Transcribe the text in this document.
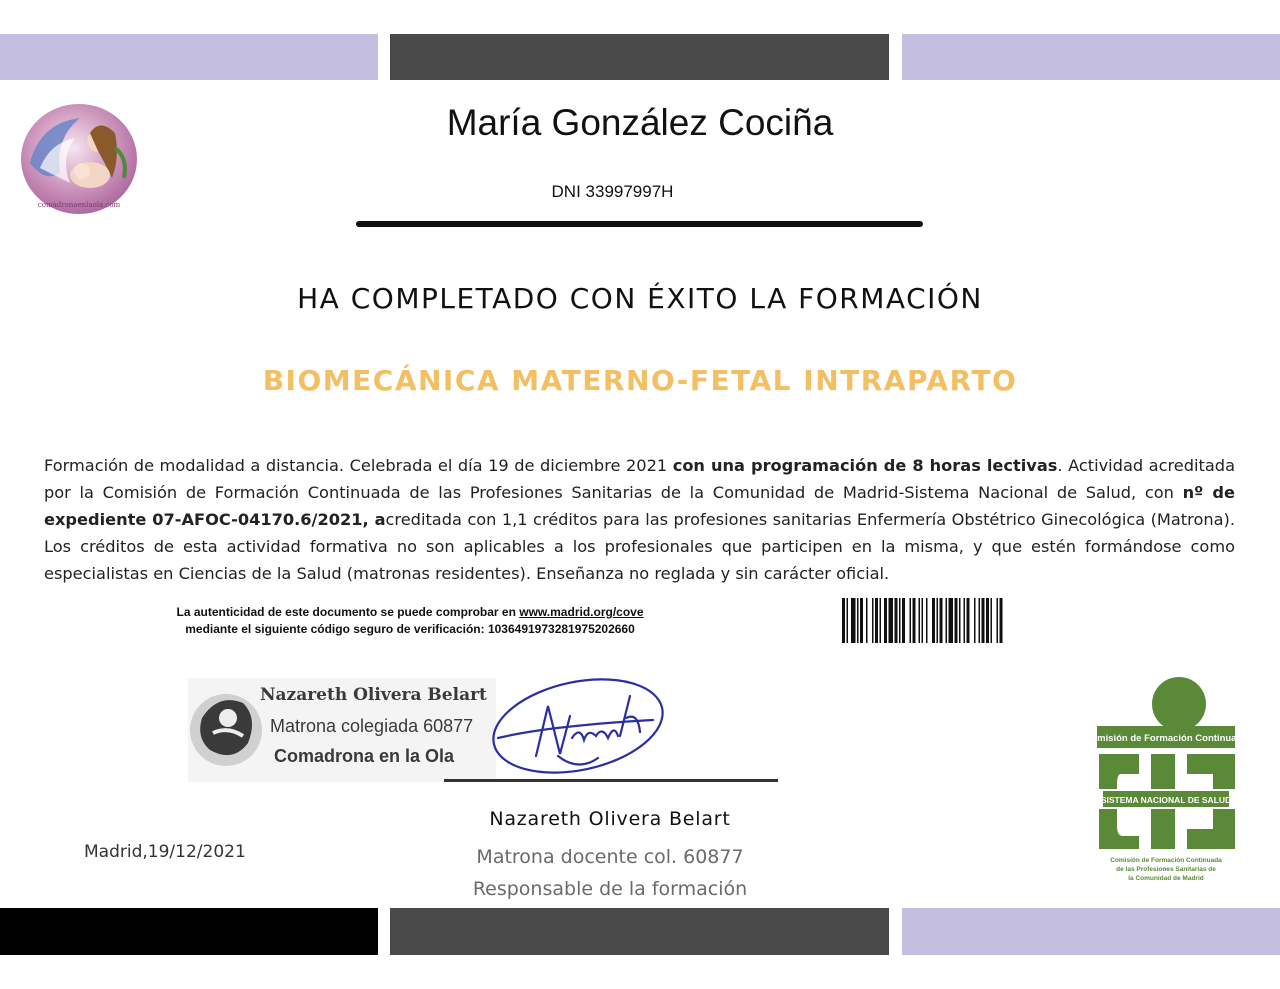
comadronaenlaola.com
María González Cociña
DNI 33997997H
HA COMPLETADO CON ÉXITO LA FORMACIÓN
BIOMECÁNICA MATERNO-FETAL INTRAPARTO
Formación de modalidad a distancia. Celebrada el día 19 de diciembre 2021 con una programación de 8 horas lectivas. Actividad acreditada por la Comisión de Formación Continuada de las Profesiones Sanitarias de la Comunidad de Madrid-Sistema Nacional de Salud, con nº de expediente 07-AFOC-04170.6/2021, acreditada con 1,1 créditos para las profesiones sanitarias Enfermería Obstétrico Ginecológica (Matrona). Los créditos de esta actividad formativa no son aplicables a los profesionales que participen en la misma, y que estén formándose como especialistas en Ciencias de la Salud (matronas residentes). Enseñanza no reglada y sin carácter oficial.
La autenticidad de este documento se puede comprobar en www.madrid.org/cove
mediante el siguiente código seguro de verificación: 1036491973281975202660
Nazareth Olivera Belart
Matrona colegiada 60877
Comadrona en la Ola
Nazareth Olivera Belart
Matrona docente col. 60877
Responsable de la formación
Madrid,19/12/2021
Comisión de Formación Continuada
SISTEMA NACIONAL DE SALUD
Comisión de Formación Continuada
de las Profesiones Sanitarias de
la Comunidad de Madrid
